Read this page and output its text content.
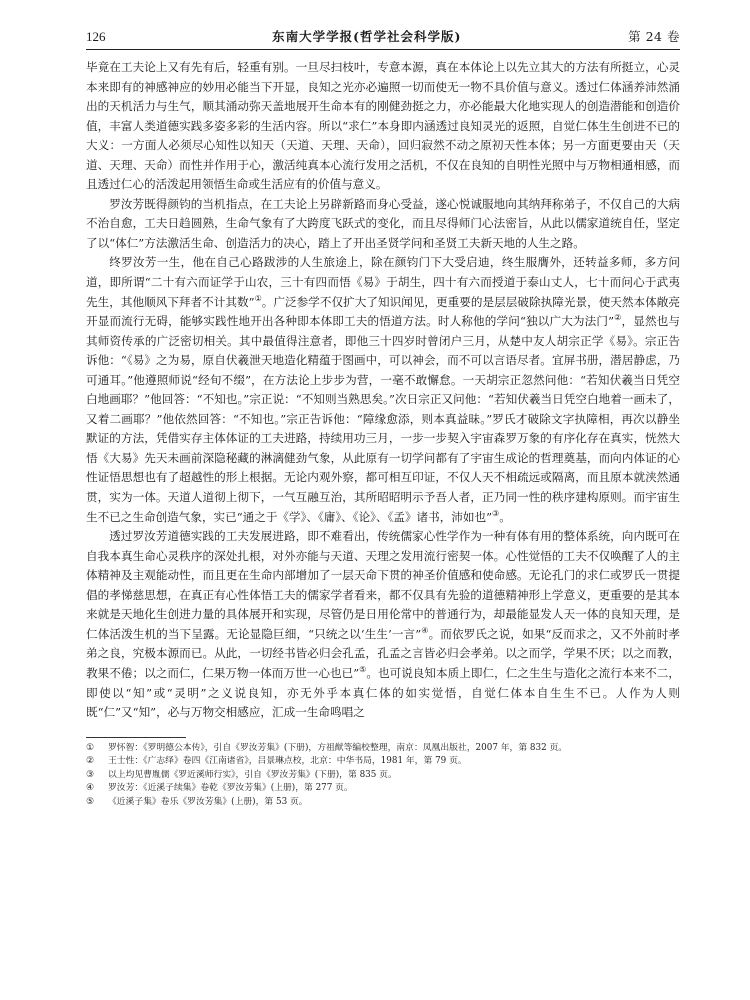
126	东南大学学报(哲学社会科学版)	第 24 卷

毕竟在工夫论上又有先有后，轻重有别。一旦尽扫枝叶，专意本源，真在本体论上以先立其大的方法有所挺立，心灵本来即有的神感神应的妙用必能当下开显，良知之光亦必遍照一切而使无一物不具价值与意义。透过仁体涵养沛然涌出的天机活力与生气，顺其涌动弥天盖地展开生命本有的刚健劲挺之力，亦必能最大化地实现人的创造潜能和创造价值，丰富人类道德实践多姿多彩的生活内容。所以“求仁”本身即内涵透过良知灵光的返照，自觉仁体生生创进不已的大义：一方面人必须尽心知性以知天（天道、天理、天命），回归寂然不动之原初天性本体；另一方面更要由天（天道、天理、天命）而性并作用于心，激活纯真本心流行发用之活机，不仅在良知的自明性光照中与万物相通相感，而且透过仁心的活泼起用领悟生命或生活应有的价值与意义。

罗汝芳既得颜钧的当机指点，在工夫论上另辟新路而身心受益，遂心悦诚服地向其纳拜称弟子，不仅自己的大病不治自愈，工夫日趋圆熟，生命气象有了大跨度飞跃式的变化，而且尽得师门心法密旨，从此以儒家道统自任，坚定了以“体仁”方法激活生命、创造活力的决心，踏上了开出圣贤学问和圣贤工夫新天地的人生之路。

终罗汝芳一生，他在自己心路跋涉的人生旅途上，除在颜钧门下大受启迪，终生服膺外，还转益多师，多方问道，即所谓“二十有六而证学于山农，三十有四而悟《易》于胡生，四十有六而授道于泰山丈人，七十而问心于武夷先生，其他顺风下拜者不计其数”①。广泛参学不仅扩大了知识闻见，更重要的是层层破除执障光景，使天然本体敞亮开显而流行无碍，能够实践性地开出各种即本体即工夫的悟道方法。时人称他的学问“独以广大为法门”②，显然也与其师资传承的广泛密切相关。其中最值得注意者，即他三十四岁时曾闭户三月，从楚中友人胡宗正学《易》。宗正告诉他：“《易》之为易，原自伏羲泄天地造化精蕴于图画中，可以神会，而不可以言语尽者。宜屏书册，潜居静虑，乃可通耳。”他遵照师说“经旬不缀”，在方法论上步步为营，一毫不敢懈怠。一天胡宗正忽然问他：“若知伏羲当日凭空白地画耶？”他回答：“不知也。”宗正说：“不知则当熟思矣。”次日宗正又问他：“若知伏羲当日凭空白地着一画未了，又着二画耶？”他依然回答：“不知也。”宗正告诉他：“障缘愈添，则本真益昧。”罗氏才破除文字执障相，再次以静坐默证的方法，凭借实存主体体证的工夫进路，持续用功三月，一步一步契入宇宙森罗万象的有序化存在真实，恍然大悟《大易》先天未画前深隐秘藏的淋漓健劲气象，从此原有一切学问都有了宇宙生成论的哲理奠基，而向内体证的心性证悟思想也有了超越性的形上根据。无论内观外察，都可相互印证，不仅人天不相疏远或隔离，而且原本就浃然通贯，实为一体。天道人道彻上彻下，一气互融互治，其所昭昭明示予吾人者，正乃同一性的秩序建构原则。而宇宙生生不已之生命创造气象，实已“通之于《学》、《庸》、《论》、《孟》诸书，沛如也”③。

透过罗汝芳道德实践的工夫发展进路，即不难看出，传统儒家心性学作为一种有体有用的整体系统，向内既可在自我本真生命心灵秩序的深处扎根，对外亦能与天道、天理之发用流行密契一体。心性觉悟的工夫不仅唤醒了人的主体精神及主观能动性，而且更在生命内部增加了一层天命下贯的神圣价值感和使命感。无论孔门的求仁或罗氏一贯提倡的孝悌慈思想，在真正有心性体悟工夫的儒家学者看来，都不仅具有先验的道德精神形上学意义，更重要的是其本来就是天地化生创进力量的具体展开和实现，尽管仍是日用伦常中的普通行为，却最能显发人天一体的良知天理，是仁体活泼生机的当下呈露。无论显隐巨细，“只统之以‘生生’一言”④。而依罗氏之说，如果“反而求之，又不外前时孝弟之良，究极本源而已。从此，一切经书皆必归会孔孟，孔孟之言皆必归会孝弟。以之而学，学果不厌；以之而教，教果不倦；以之而仁，仁果万物一体而万世一心也已”⑤。也可说良知本质上即仁，仁之生生与造化之流行本来不二，即使以“知”或“灵明”之义说良知，亦无外乎本真仁体的如实觉悟，自觉仁体本自生生不已。人作为人则既“仁”又“知”，必与万物交相感应，汇成一生命鸣唱之

①	罗怀智：《罗明德公本传》，引自《罗汝芳集》(下册)，方祖猷等编校整理，南京：凤凰出版社，2007 年，第 832 页。
②	王士性：《广志绎》卷四《江南诸省》，吕景琳点校，北京：中华书局，1981 年，第 79 页。
③	以上均见曹胤儒《罗近溪师行实》，引自《罗汝芳集》(下册)，第 835 页。
④	罗汝芳：《近溪子续集》卷乾《罗汝芳集》(上册)，第 277 页。
⑤	《近溪子集》卷乐《罗汝芳集》(上册)，第 53 页。
